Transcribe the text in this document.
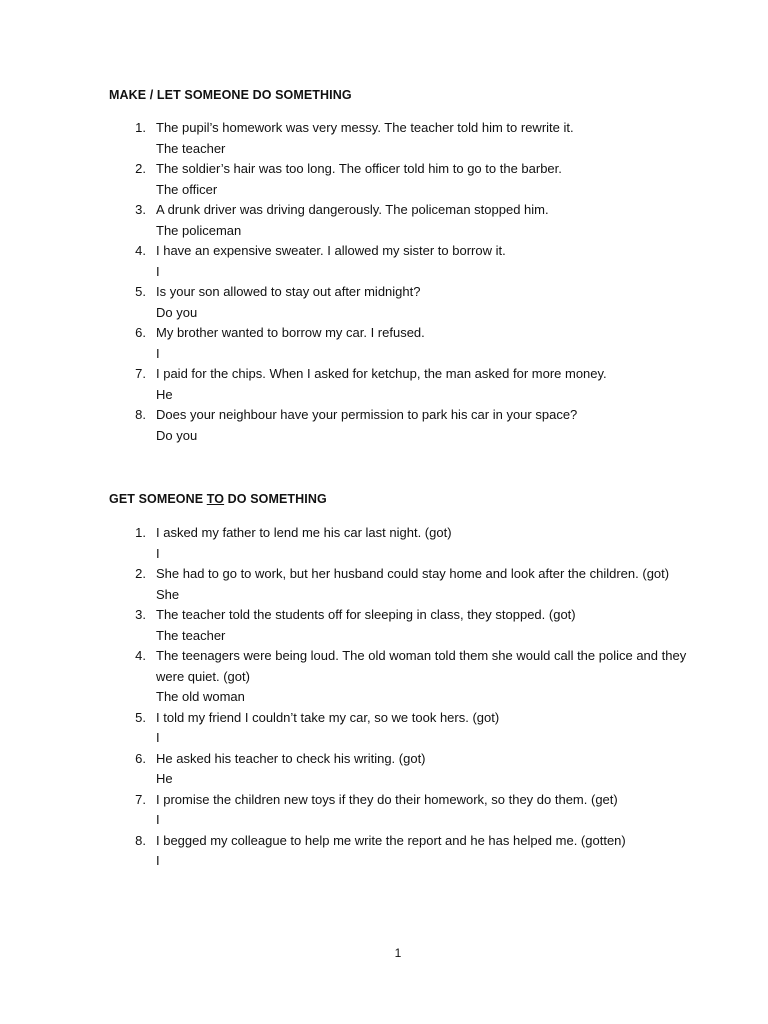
MAKE / LET SOMEONE DO SOMETHING
1. The pupil’s homework was very messy. The teacher told him to rewrite it.
The teacher
2. The soldier’s hair was too long. The officer told him to go to the barber.
The officer
3. A drunk driver was driving dangerously. The policeman stopped him.
The policeman
4. I have an expensive sweater. I allowed my sister to borrow it.
I
5. Is your son allowed to stay out after midnight?
Do you
6. My brother wanted to borrow my car. I refused.
I
7. I paid for the chips. When I asked for ketchup, the man asked for more money.
He
8. Does your neighbour have your permission to park his car in your space?
Do you
GET SOMEONE TO DO SOMETHING
1. I asked my father to lend me his car last night. (got)
I
2. She had to go to work, but her husband could stay home and look after the children. (got)
She
3. The teacher told the students off for sleeping in class, they stopped. (got)
The teacher
4. The teenagers were being loud. The old woman told them she would call the police and they were quiet. (got)
The old woman
5. I told my friend I couldn’t take my car, so we took hers. (got)
I
6. He asked his teacher to check his writing. (got)
He
7. I promise the children new toys if they do their homework, so they do them. (get)
I
8. I begged my colleague to help me write the report and he has helped me. (gotten)
I
1
